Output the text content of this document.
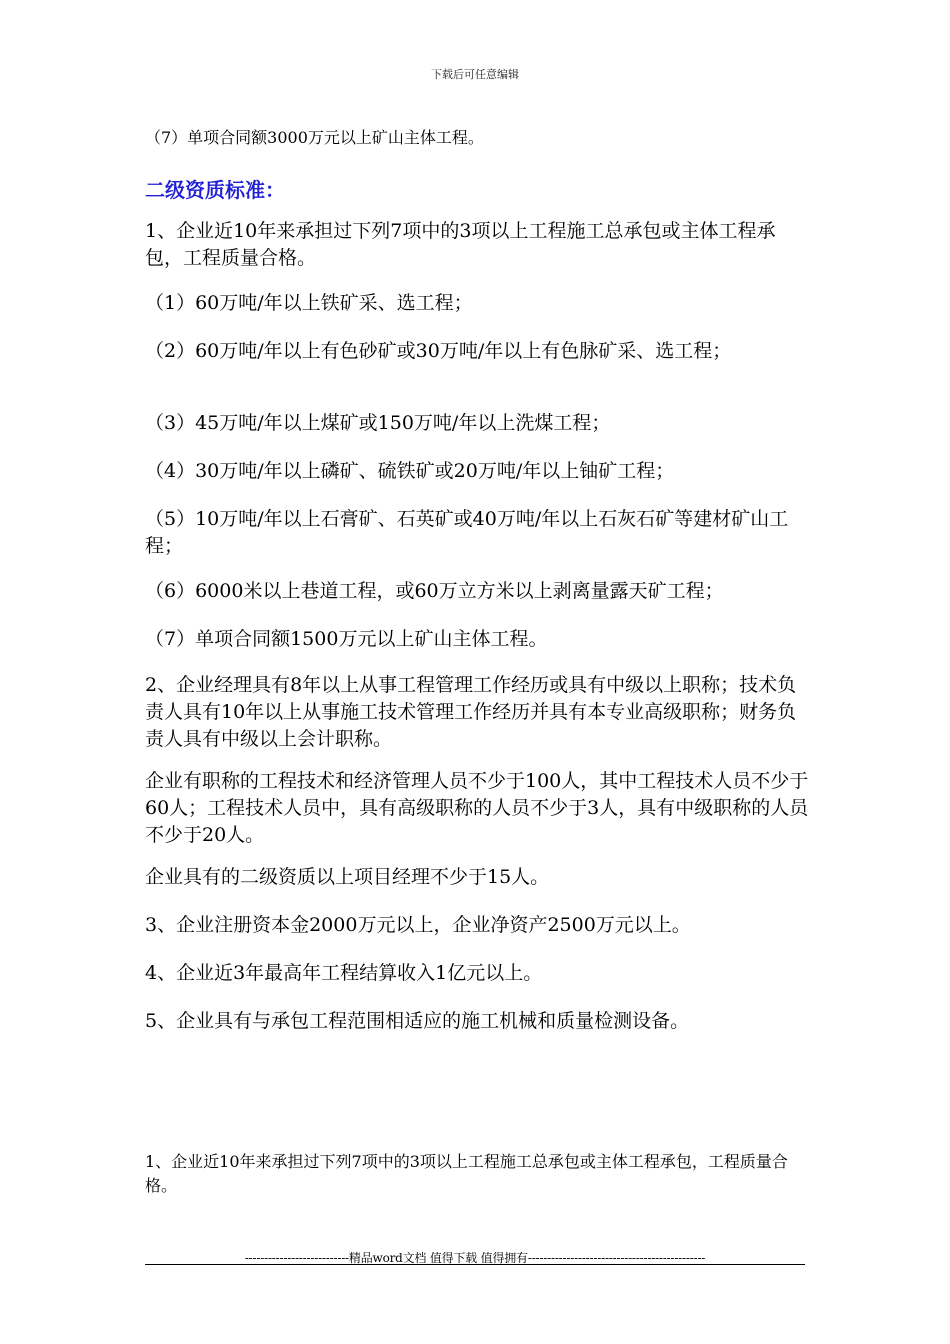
下载后可任意编辑

（7）单项合同额3000万元以上矿山主体工程。

二级资质标准：

1、企业近10年来承担过下列7项中的3项以上工程施工总承包或主体工程承包，工程质量合格。

（1）60万吨/年以上铁矿采、选工程；

（2）60万吨/年以上有色砂矿或30万吨/年以上有色脉矿采、选工程；

（3）45万吨/年以上煤矿或150万吨/年以上洗煤工程；

（4）30万吨/年以上磷矿、硫铁矿或20万吨/年以上铀矿工程；

（5）10万吨/年以上石膏矿、石英矿或40万吨/年以上石灰石矿等建材矿山工程；

（6）6000米以上巷道工程，或60万立方米以上剥离量露天矿工程；

（7）单项合同额1500万元以上矿山主体工程。

2、企业经理具有8年以上从事工程管理工作经历或具有中级以上职称；技术负责人具有10年以上从事施工技术管理工作经历并具有本专业高级职称；财务负责人具有中级以上会计职称。

企业有职称的工程技术和经济管理人员不少于100人，其中工程技术人员不少于60人；工程技术人员中，具有高级职称的人员不少于3人，具有中级职称的人员不少于20人。

企业具有的二级资质以上项目经理不少于15人。

3、企业注册资本金2000万元以上，企业净资产2500万元以上。

4、企业近3年最高年工程结算收入1亿元以上。

5、企业具有与承包工程范围相适应的施工机械和质量检测设备。

1、企业近10年来承担过下列7项中的3项以上工程施工总承包或主体工程承包，工程质量合格。

---------------------------精品word文档 值得下载 值得拥有----------------------------------------------
